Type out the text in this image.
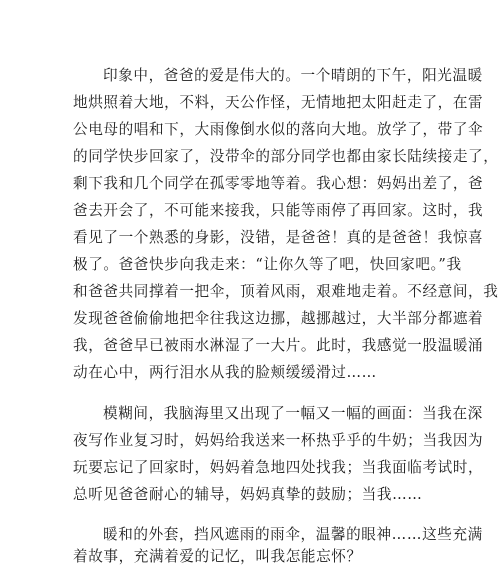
印象中，爸爸的爱是伟大的。一个晴朗的下午，阳光温暖
地烘照着大地，不料，天公作怪，无情地把太阳赶走了，在雷
公电母的唱和下，大雨像倒水似的落向大地。放学了，带了伞
的同学快步回家了，没带伞的部分同学也都由家长陆续接走了，
剩下我和几个同学在孤零零地等着。我心想：妈妈出差了，爸
爸去开会了，不可能来接我，只能等雨停了再回家。这时，我
看见了一个熟悉的身影，没错，是爸爸！真的是爸爸！我惊喜
极了。爸爸快步向我走来：“让你久等了吧，快回家吧。”我
和爸爸共同撑着一把伞，顶着风雨，艰难地走着。不经意间，我
发现爸爸偷偷地把伞往我这边挪，越挪越过，大半部分都遮着
我，爸爸早已被雨水淋湿了一大片。此时，我感觉一股温暖涌
动在心中，两行泪水从我的脸颊缓缓滑过……
模糊间，我脑海里又出现了一幅又一幅的画面：当我在深
夜写作业复习时，妈妈给我送来一杯热乎乎的牛奶；当我因为
玩要忘记了回家时，妈妈着急地四处找我；当我面临考试时，
总听见爸爸耐心的辅导，妈妈真挚的鼓励；当我……
暖和的外套，挡风遮雨的雨伞，温馨的眼神……这些充满
着故事，充满着爱的记忆，叫我怎能忘怀？
